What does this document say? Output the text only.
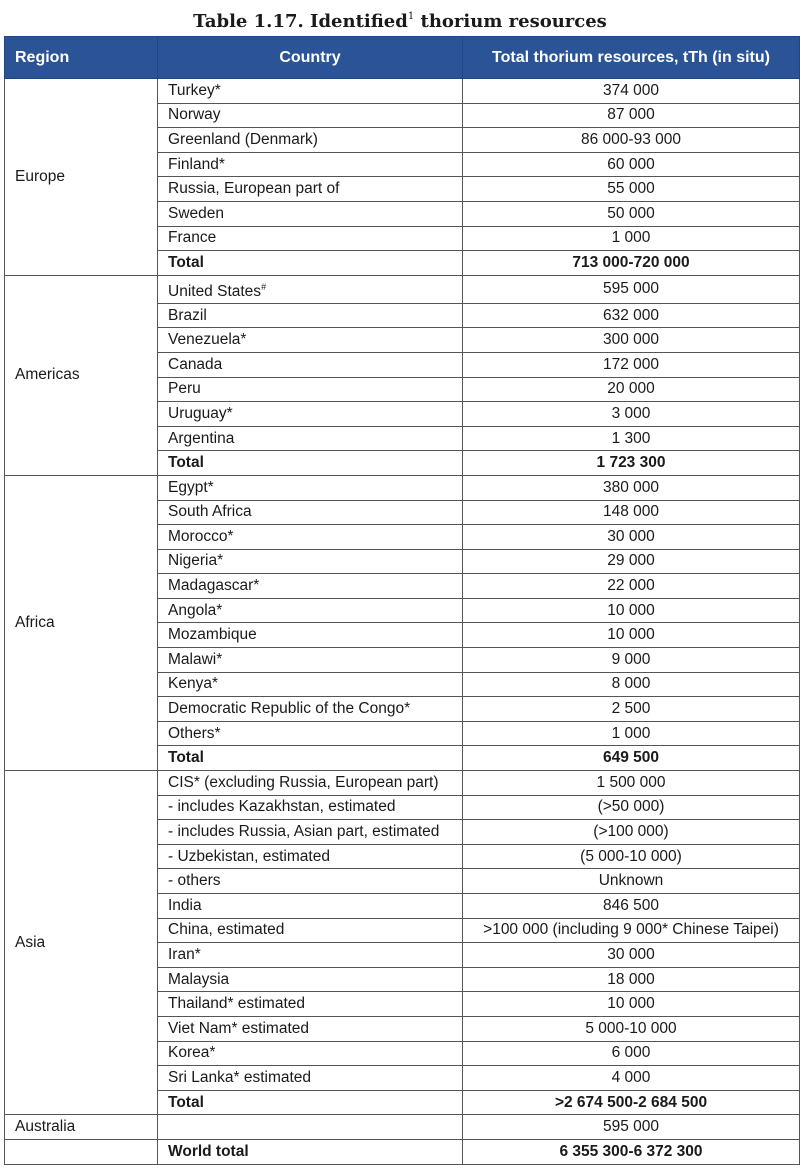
Table 1.17. Identified$^1$ thorium resources
Region	Country	Total thorium resources, tTh (in situ)
Europe	Turkey*	374 000
	Norway	87 000
	Greenland (Denmark)	86 000-93 000
	Finland*	60 000
	Russia, European part of	55 000
	Sweden	50 000
	France	1 000
	Total	713 000-720 000
Americas	United States#	595 000
	Brazil	632 000
	Venezuela*	300 000
	Canada	172 000
	Peru	20 000
	Uruguay*	3 000
	Argentina	1 300
	Total	1 723 300
Africa	Egypt*	380 000
	South Africa	148 000
	Morocco*	30 000
	Nigeria*	29 000
	Madagascar*	22 000
	Angola*	10 000
	Mozambique	10 000
	Malawi*	9 000
	Kenya*	8 000
	Democratic Republic of the Congo*	2 500
	Others*	1 000
	Total	649 500
Asia	CIS* (excluding Russia, European part)	1 500 000
	- includes Kazakhstan, estimated	(>50 000)
	- includes Russia, Asian part, estimated	(>100 000)
	- Uzbekistan, estimated	(5 000-10 000)
	- others	Unknown
	India	846 500
	China, estimated	>100 000 (including 9 000* Chinese Taipei)
	Iran*	30 000
	Malaysia	18 000
	Thailand* estimated	10 000
	Viet Nam* estimated	5 000-10 000
	Korea*	6 000
	Sri Lanka* estimated	4 000
	Total	>2 674 500-2 684 500
Australia		595 000
	World total	6 355 300-6 372 300
